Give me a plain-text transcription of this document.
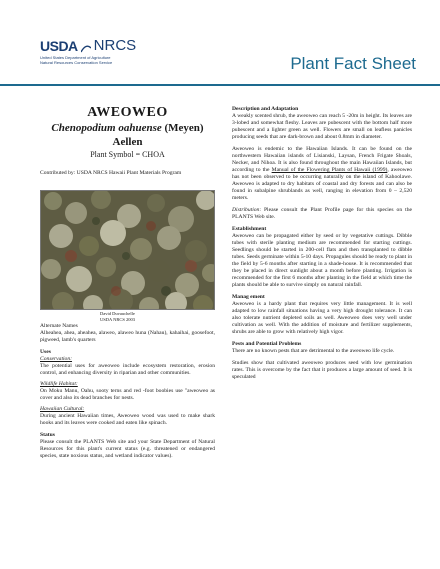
USDA NRCS
United States Department of Agriculture
Natural Resources Conservation Service	Plant Fact Sheet
AWEOWEO
Chenopodium oahuense (Meyen)
Aellen
Plant Symbol = CHOA
Contributed by: USDA NRCS Hawaii Plant Materials Program
David Duvauchelle
USDA NRCS 2003
Alternate Names

Alheahea, ahea, aheahea, alaweo, alaweo huna (Nahau), kahaihai, goosefoot, pigweed, lamb's quarters

Uses
Conservation:

The potential uses for aweoweo include ecosystem restoration, erosion control, and enhancing diversity in riparian and other communities.

Wildlife Habitat:

On Moku Manu, Oahu, sooty terns and red -foot boobies use "aweoweo as cover and also its dead branches for nests.

Hawaiian Cultural:

During ancient Hawaiian times, Aweoweo wood was used to make shark hooks and its leaves were cooked and eaten like spinach.

Status

Please consult the PLANTS Web site and your State Department of Natural Resources for this plant's current status (e.g. threatened or endangered species, state noxious status, and wetland indicator values).

Description and Adaptation

A weakly scented shrub, the aweoweo can reach 5 -20m in height. Its leaves are 3-lobed and somewhat fleshy. Leaves are pubescent with the bottom half more pubescent and a lighter green as well. Flowers are small on leafless panicles producing seeds that are dark-brown and about 0.8mm in diameter.

Aweoweo is endemic to the Hawaiian Islands. It can be found on the northwestern Hawaiian islands of Lisianski, Laysan, French Frigate Shoals, Necker, and Nihoa. It is also found throughout the main Hawaiian Islands, but according to the Manual of the Flowering Plants of Hawaii (1999), aweoweo has not been observed to be occurring naturally on the island of Kahoolawe. Aweoweo is adapted to dry habitats of coastal and dry forests and can also be found in subalpine shrublands as well, ranging in elevation from 0 – 2,520 meters.

Distribution: Please consult the Plant Profile page for this species on the PLANTS Web site.

Establishment

Aweoweo can be propagated either by seed or by vegetative cuttings. Dibble tubes with sterile planting medium are recommended for starting cuttings. Seedlings should be started in 200-cell flats and then transplanted to dibble tubes. Seeds germinate within 5-10 days. Propagules should be ready to plant in the field by 5-6 months after starting in a shade-house. It is recommended that they be placed in direct sunlight about a month before planting. Irrigation is recommended for the first 6 months after planting in the field at which time the plants should be able to survive simply on natural rainfall.

Manag ement

Aweoweo is a hardy plant that requires very little management. It is well adapted to low rainfall situations having a very high drought tolerance. It can also tolerate nutrient depleted soils as well. Aweoweo does very well under cultivation as well. With the addition of moisture and fertilizer supplements, shrubs are able to grow with relatively high vigor.

Pests and Potential Problems

There are no known pests that are detrimental to the aweoweo life cycle.

Studies show that cultivated aweoweo produces seed with low germination rates. This is overcome by the fact that it produces a large amount of seed. It is speculated
